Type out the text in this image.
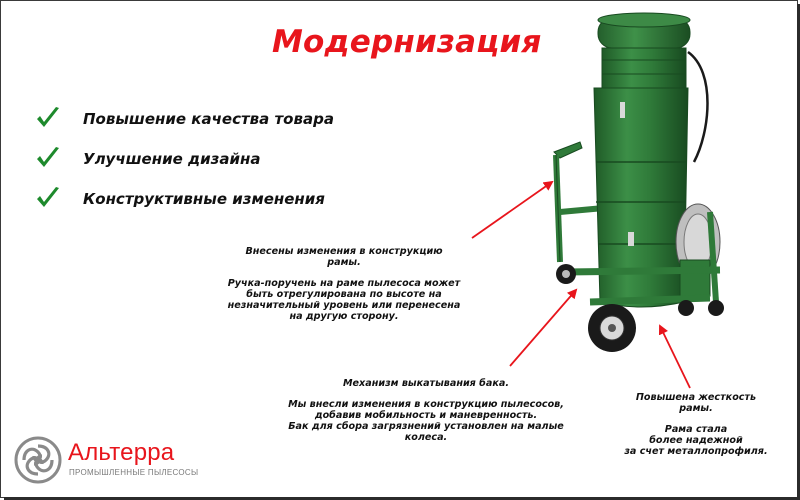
Модернизация
Повышение качества товара
Улучшение дизайна
Конструктивные изменения

Внесены изменения в конструкцию

рамы.

Ручка-поручень на раме пылесоса может

быть отрегулирована по высоте на

незначительный уровень или перенесена

на другую сторону.

Механизм выкатывания бака.

Мы внесли изменения в конструкцию пылесосов,

добавив мобильность и маневренность.

Бак для сбора загрязнений установлен на малые

колеса.

Повышена жесткость

рамы.

Рама стала

более надежной

за счет металлопрофиля.

Альтерра
ПРОМЫШЛЕННЫЕ ПЫЛЕСОСЫ
